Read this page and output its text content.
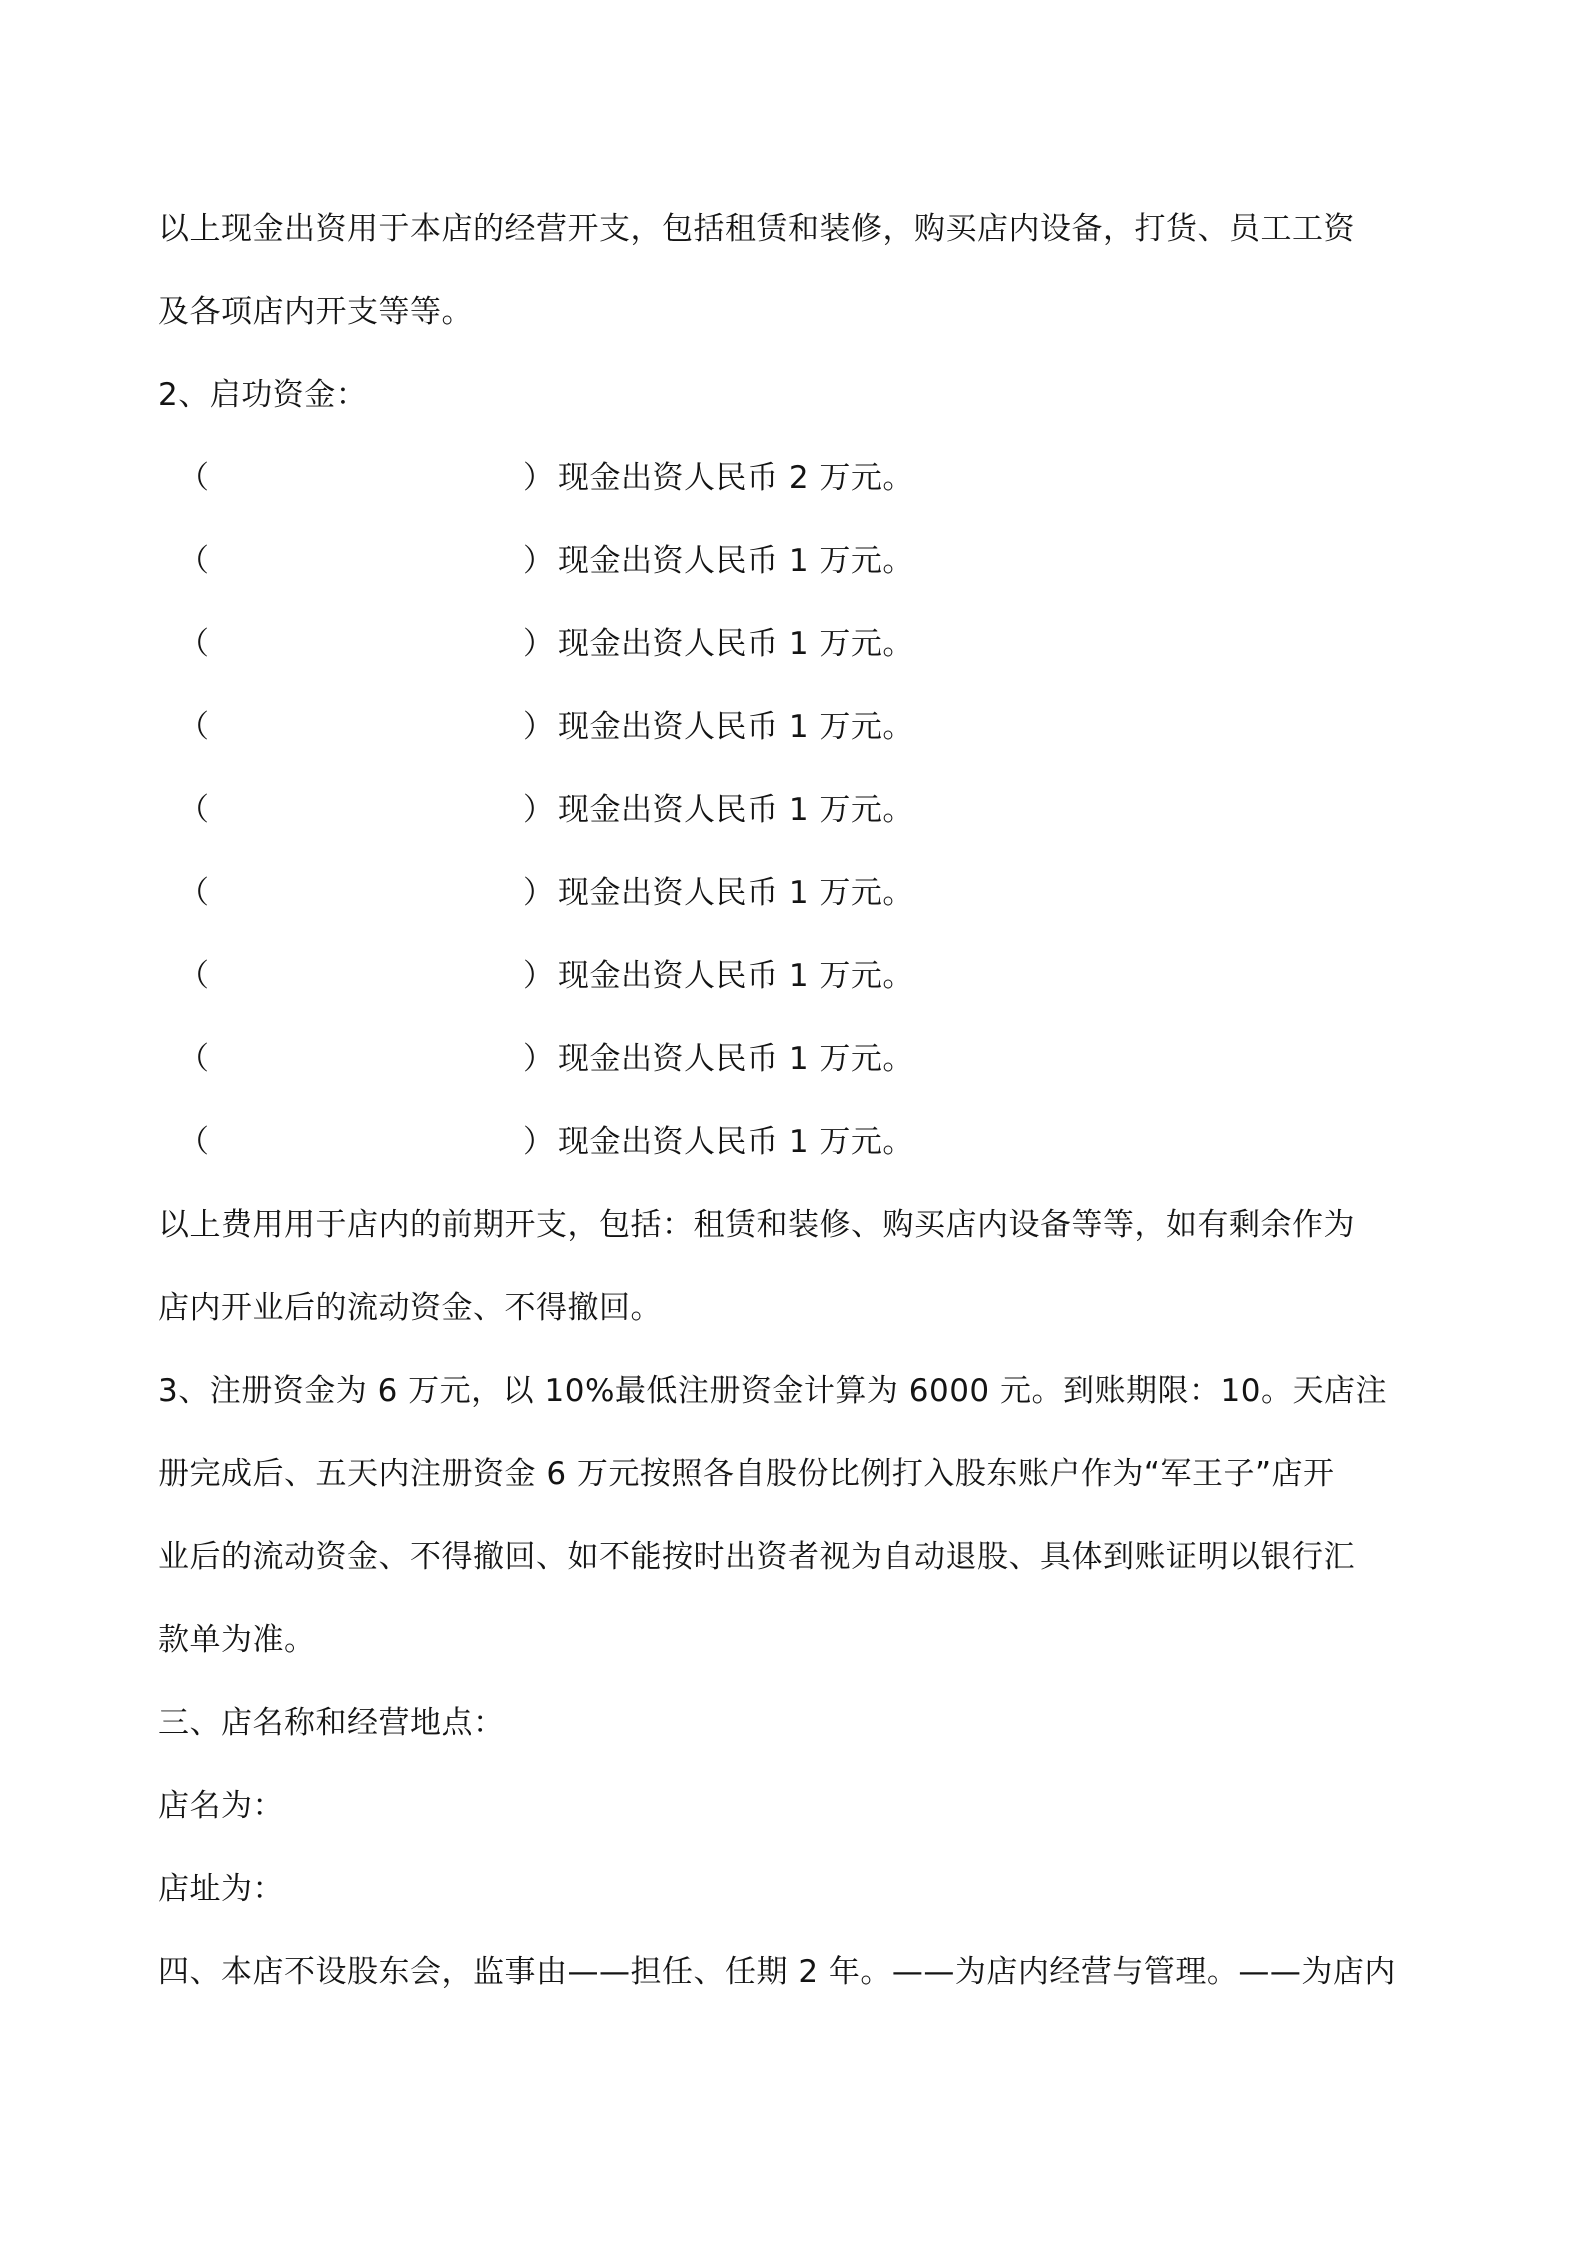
以上现金出资用于本店的经营开支，包括租赁和装修，购买店内设备，打货、员工工资
及各项店内开支等等。
2、启功资金：
（	） 现金出资人民币 2 万元。
（	） 现金出资人民币 1 万元。
（	） 现金出资人民币 1 万元。
（	） 现金出资人民币 1 万元。
（	） 现金出资人民币 1 万元。
（	） 现金出资人民币 1 万元。
（	） 现金出资人民币 1 万元。
（	） 现金出资人民币 1 万元。
（	） 现金出资人民币 1 万元。
以上费用用于店内的前期开支，包括：租赁和装修、购买店内设备等等，如有剩余作为
店内开业后的流动资金、不得撤回。
3、注册资金为 6 万元，以 10%最低注册资金计算为 6000 元。到账期限：10。天店注
册完成后、五天内注册资金 6 万元按照各自股份比例打入股东账户作为“军王子”店开
业后的流动资金、不得撤回、如不能按时出资者视为自动退股、具体到账证明以银行汇
款单为准。
三、店名称和经营地点：
店名为：
店址为：
四、本店不设股东会，监事由——担任、任期 2 年。——为店内经营与管理。——为店内
